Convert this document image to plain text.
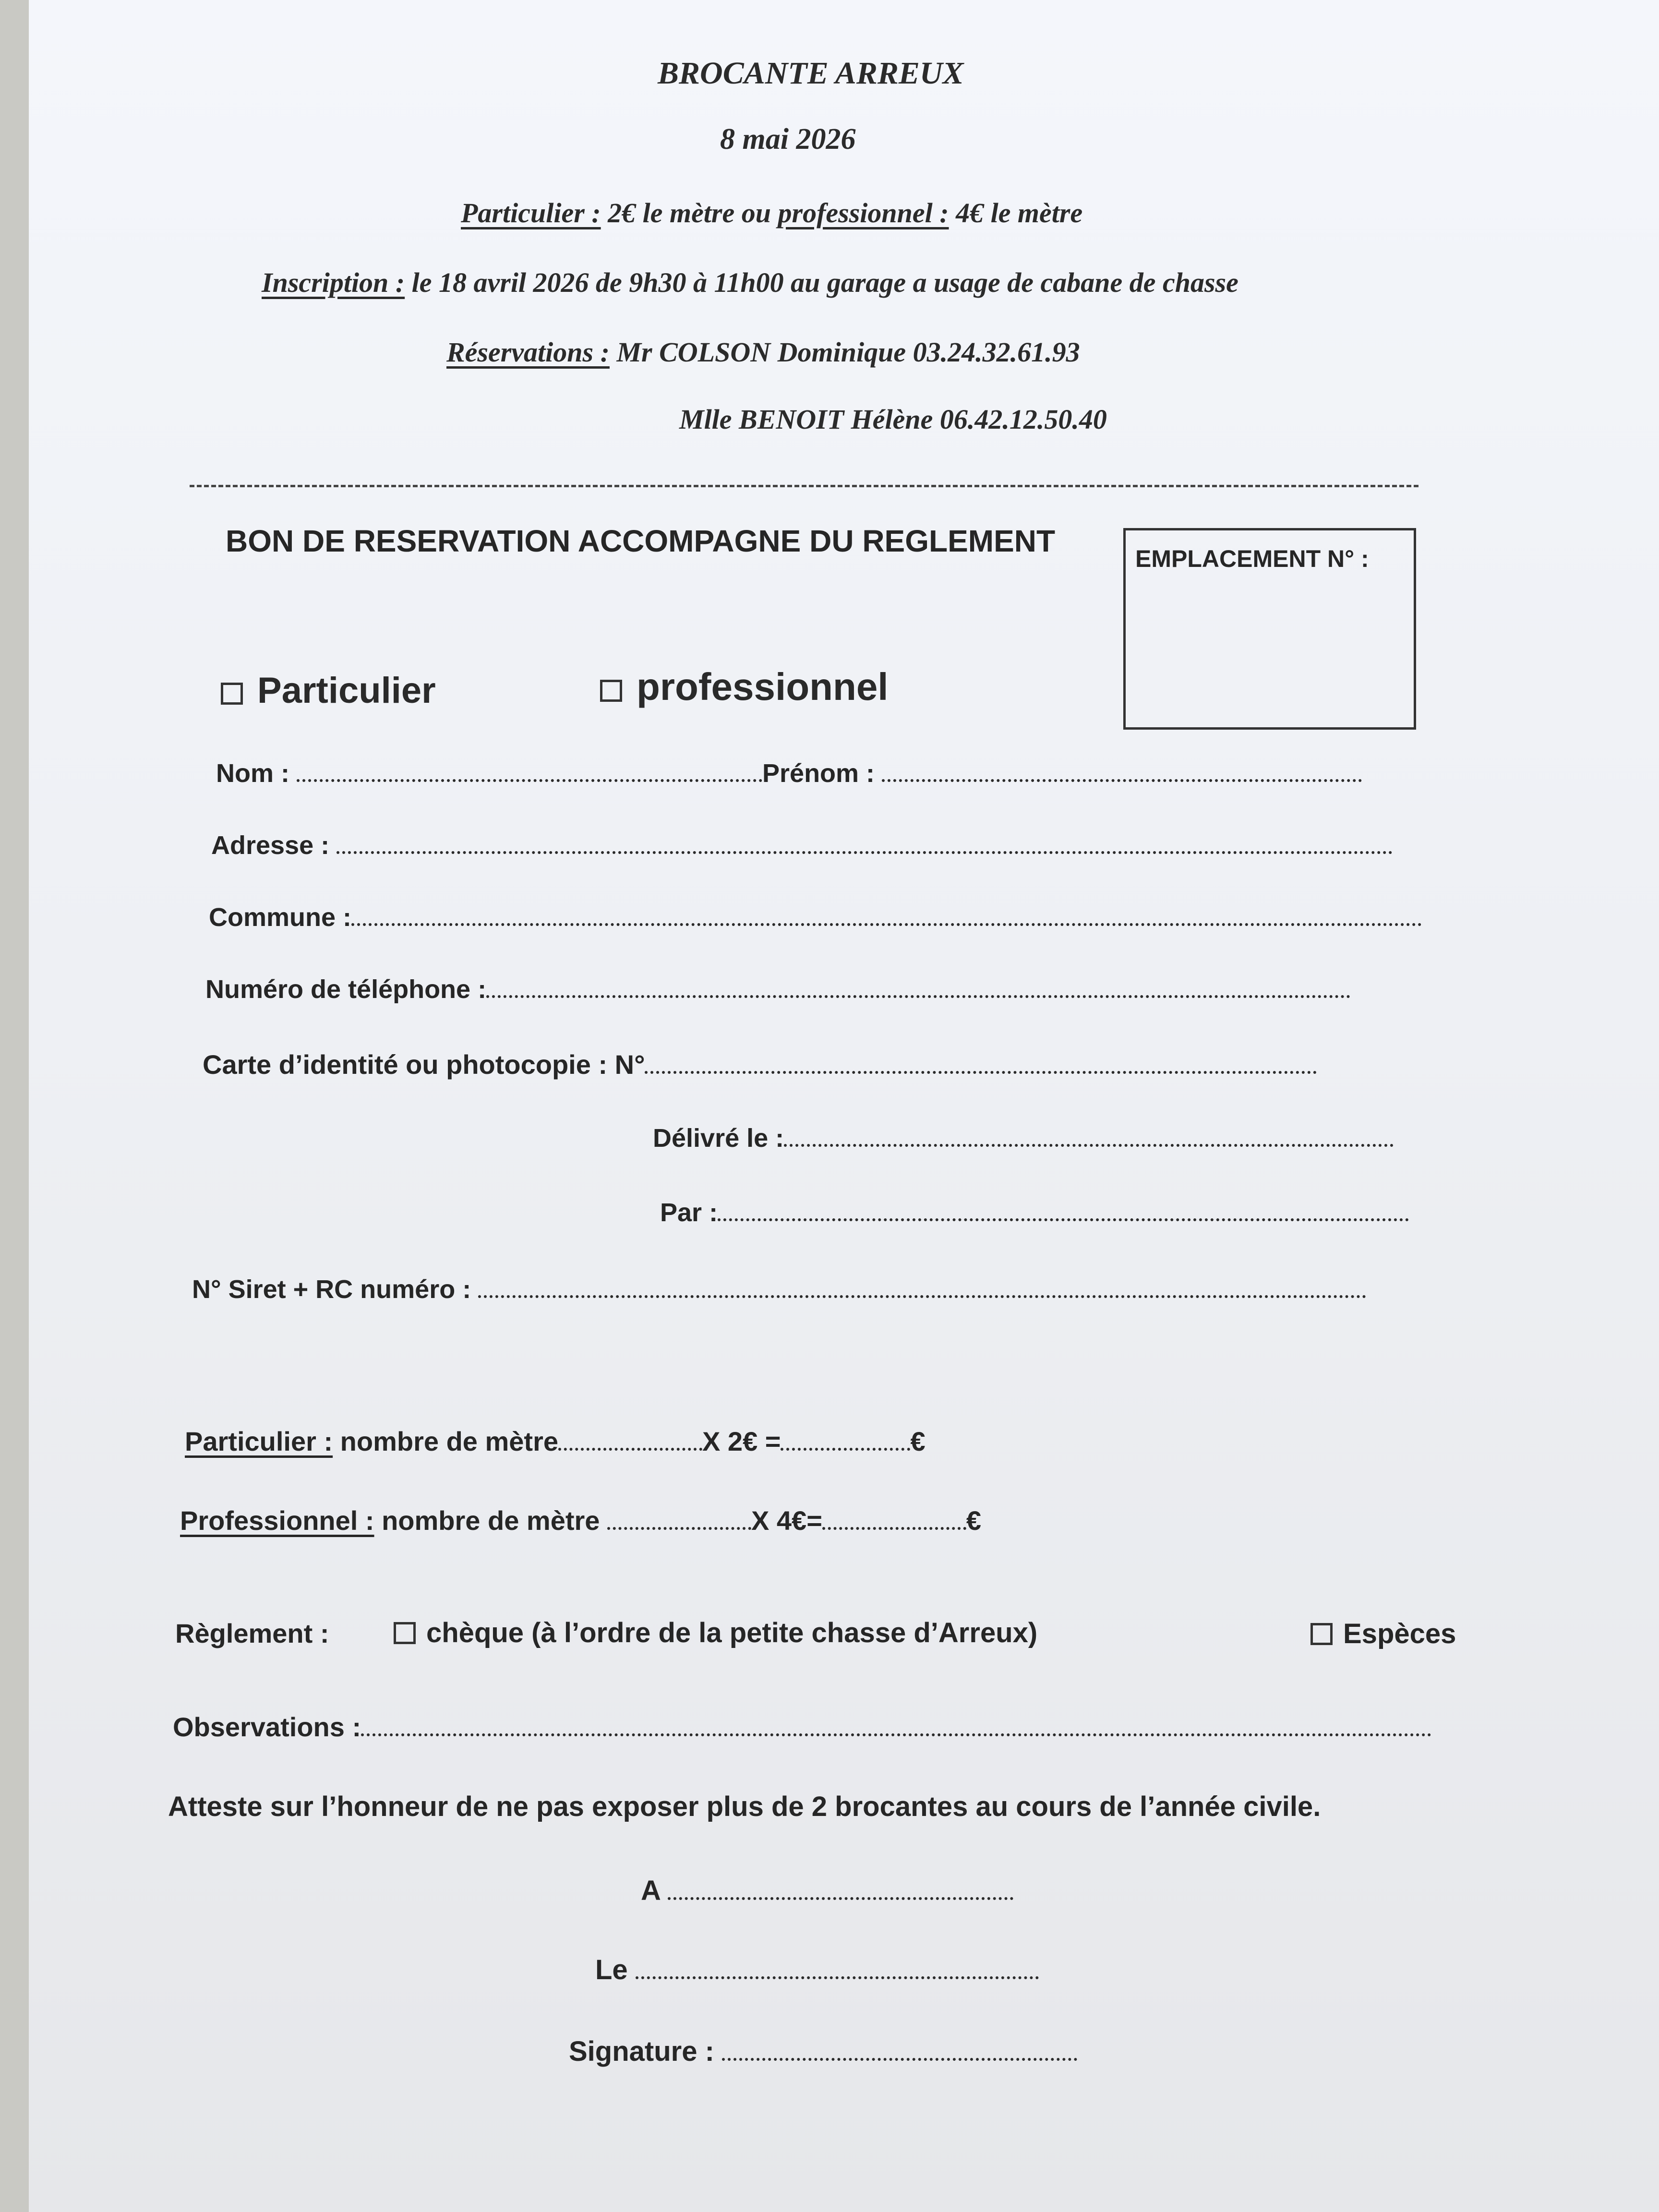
BROCANTE ARREUX
8 mai 2026
Particulier : 2€ le mètre ou professionnel : 4€ le mètre
Inscription : le 18 avril 2026 de 9h30 à 11h00 au garage a usage de cabane de chasse
Réservations : Mr COLSON Dominique 03.24.32.61.93
Mlle BENOIT Hélène 06.42.12.50.40
BON DE RESERVATION ACCOMPAGNE DU REGLEMENT
EMPLACEMENT N° :
Particulier	professionnel
Nom :	Prénom :
Adresse :
Commune :
Numéro de téléphone :
Carte d’identité ou photocopie : N°
Délivré le :
Par :
N° Siret + RC numéro :
Particulier : nombre de mètre	X 2€ =	€
Professionnel : nombre de mètre	X 4€=	€
Règlement :	chèque (à l’ordre de la petite chasse d’Arreux)	Espèces
Observations :
Atteste sur l’honneur de ne pas exposer plus de 2 brocantes au cours de l’année civile.
A
Le
Signature :
